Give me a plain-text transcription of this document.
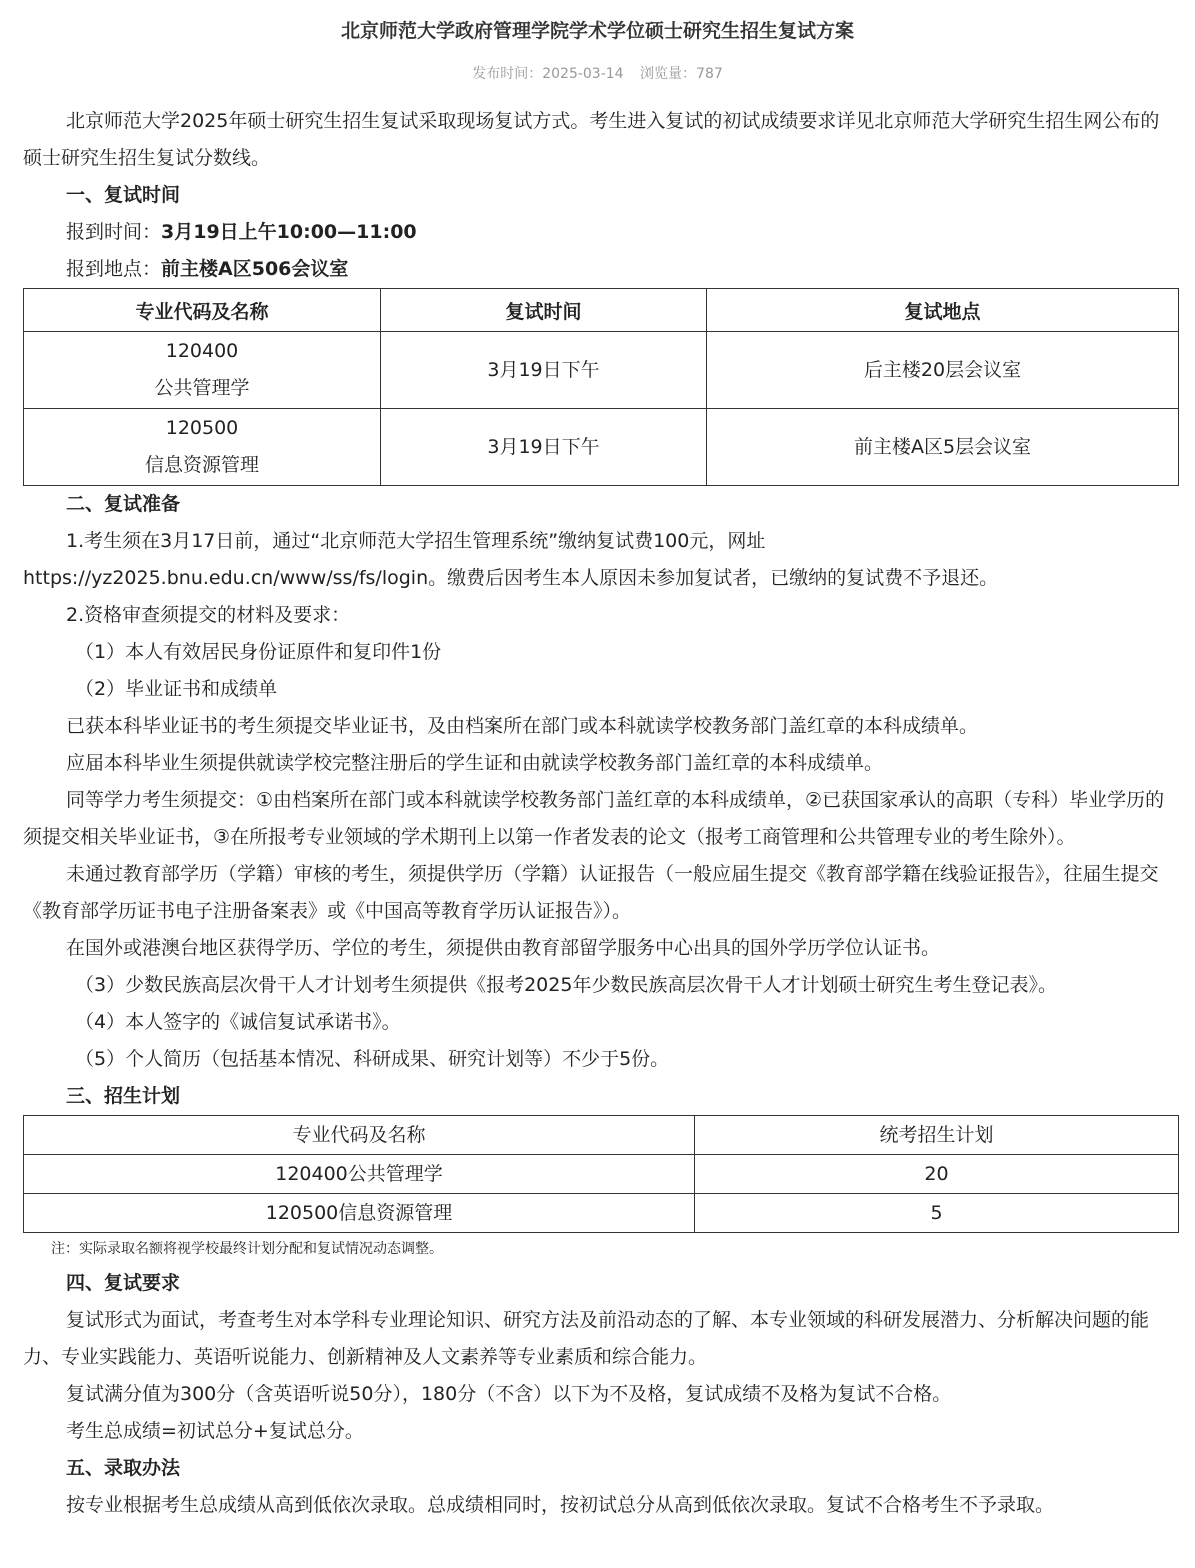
北京师范大学政府管理学院学术学位硕士研究生招生复试方案
发布时间：2025-03-14 浏览量：787

北京师范大学2025年硕士研究生招生复试采取现场复试方式。考生进入复试的初试成绩要求详见北京师范大学研究生招生网公布的硕士研究生招生复试分数线。

一、复试时间

报到时间：3月19日上午10:00—11:00

报到地点：前主楼A区506会议室

专业代码及名称	复试时间	复试地点

120400
公共管理学	3月19日下午	后主楼20层会议室

120500
信息资源管理	3月19日下午	前主楼A区5层会议室
二、复试准备

1.考生须在3月17日前，通过“北京师范大学招生管理系统”缴纳复试费100元，网址

https://yz2025.bnu.edu.cn/www/ss/fs/login。缴费后因考生本人原因未参加复试者，已缴纳的复试费不予退还。

2.资格审查须提交的材料及要求：

（1）本人有效居民身份证原件和复印件1份

（2）毕业证书和成绩单

已获本科毕业证书的考生须提交毕业证书，及由档案所在部门或本科就读学校教务部门盖红章的本科成绩单。

应届本科毕业生须提供就读学校完整注册后的学生证和由就读学校教务部门盖红章的本科成绩单。

同等学力考生须提交：①由档案所在部门或本科就读学校教务部门盖红章的本科成绩单，②已获国家承认的高职（专科）毕业学历的须提交相关毕业证书，③在所报考专业领域的学术期刊上以第一作者发表的论文（报考工商管理和公共管理专业的考生除外）。

未通过教育部学历（学籍）审核的考生，须提供学历（学籍）认证报告（一般应届生提交《教育部学籍在线验证报告》，往届生提交《教育部学历证书电子注册备案表》或《中国高等教育学历认证报告》）。

在国外或港澳台地区获得学历、学位的考生，须提供由教育部留学服务中心出具的国外学历学位认证书。

（3）少数民族高层次骨干人才计划考生须提供《报考2025年少数民族高层次骨干人才计划硕士研究生考生登记表》。

（4）本人签字的《诚信复试承诺书》。

（5）个人简历（包括基本情况、科研成果、研究计划等）不少于5份。

三、招生计划
专业代码及名称	统考招生计划
120400公共管理学	20
120500信息资源管理	5
注：实际录取名额将视学校最终计划分配和复试情况动态调整。
四、复试要求

复试形式为面试，考查考生对本学科专业理论知识、研究方法及前沿动态的了解、本专业领域的科研发展潜力、分析解决问题的能力、专业实践能力、英语听说能力、创新精神及人文素养等专业素质和综合能力。

复试满分值为300分（含英语听说50分），180分（不含）以下为不及格，复试成绩不及格为复试不合格。

考生总成绩=初试总分+复试总分。

五、录取办法

按专业根据考生总成绩从高到低依次录取。总成绩相同时，按初试总分从高到低依次录取。复试不合格考生不予录取。
